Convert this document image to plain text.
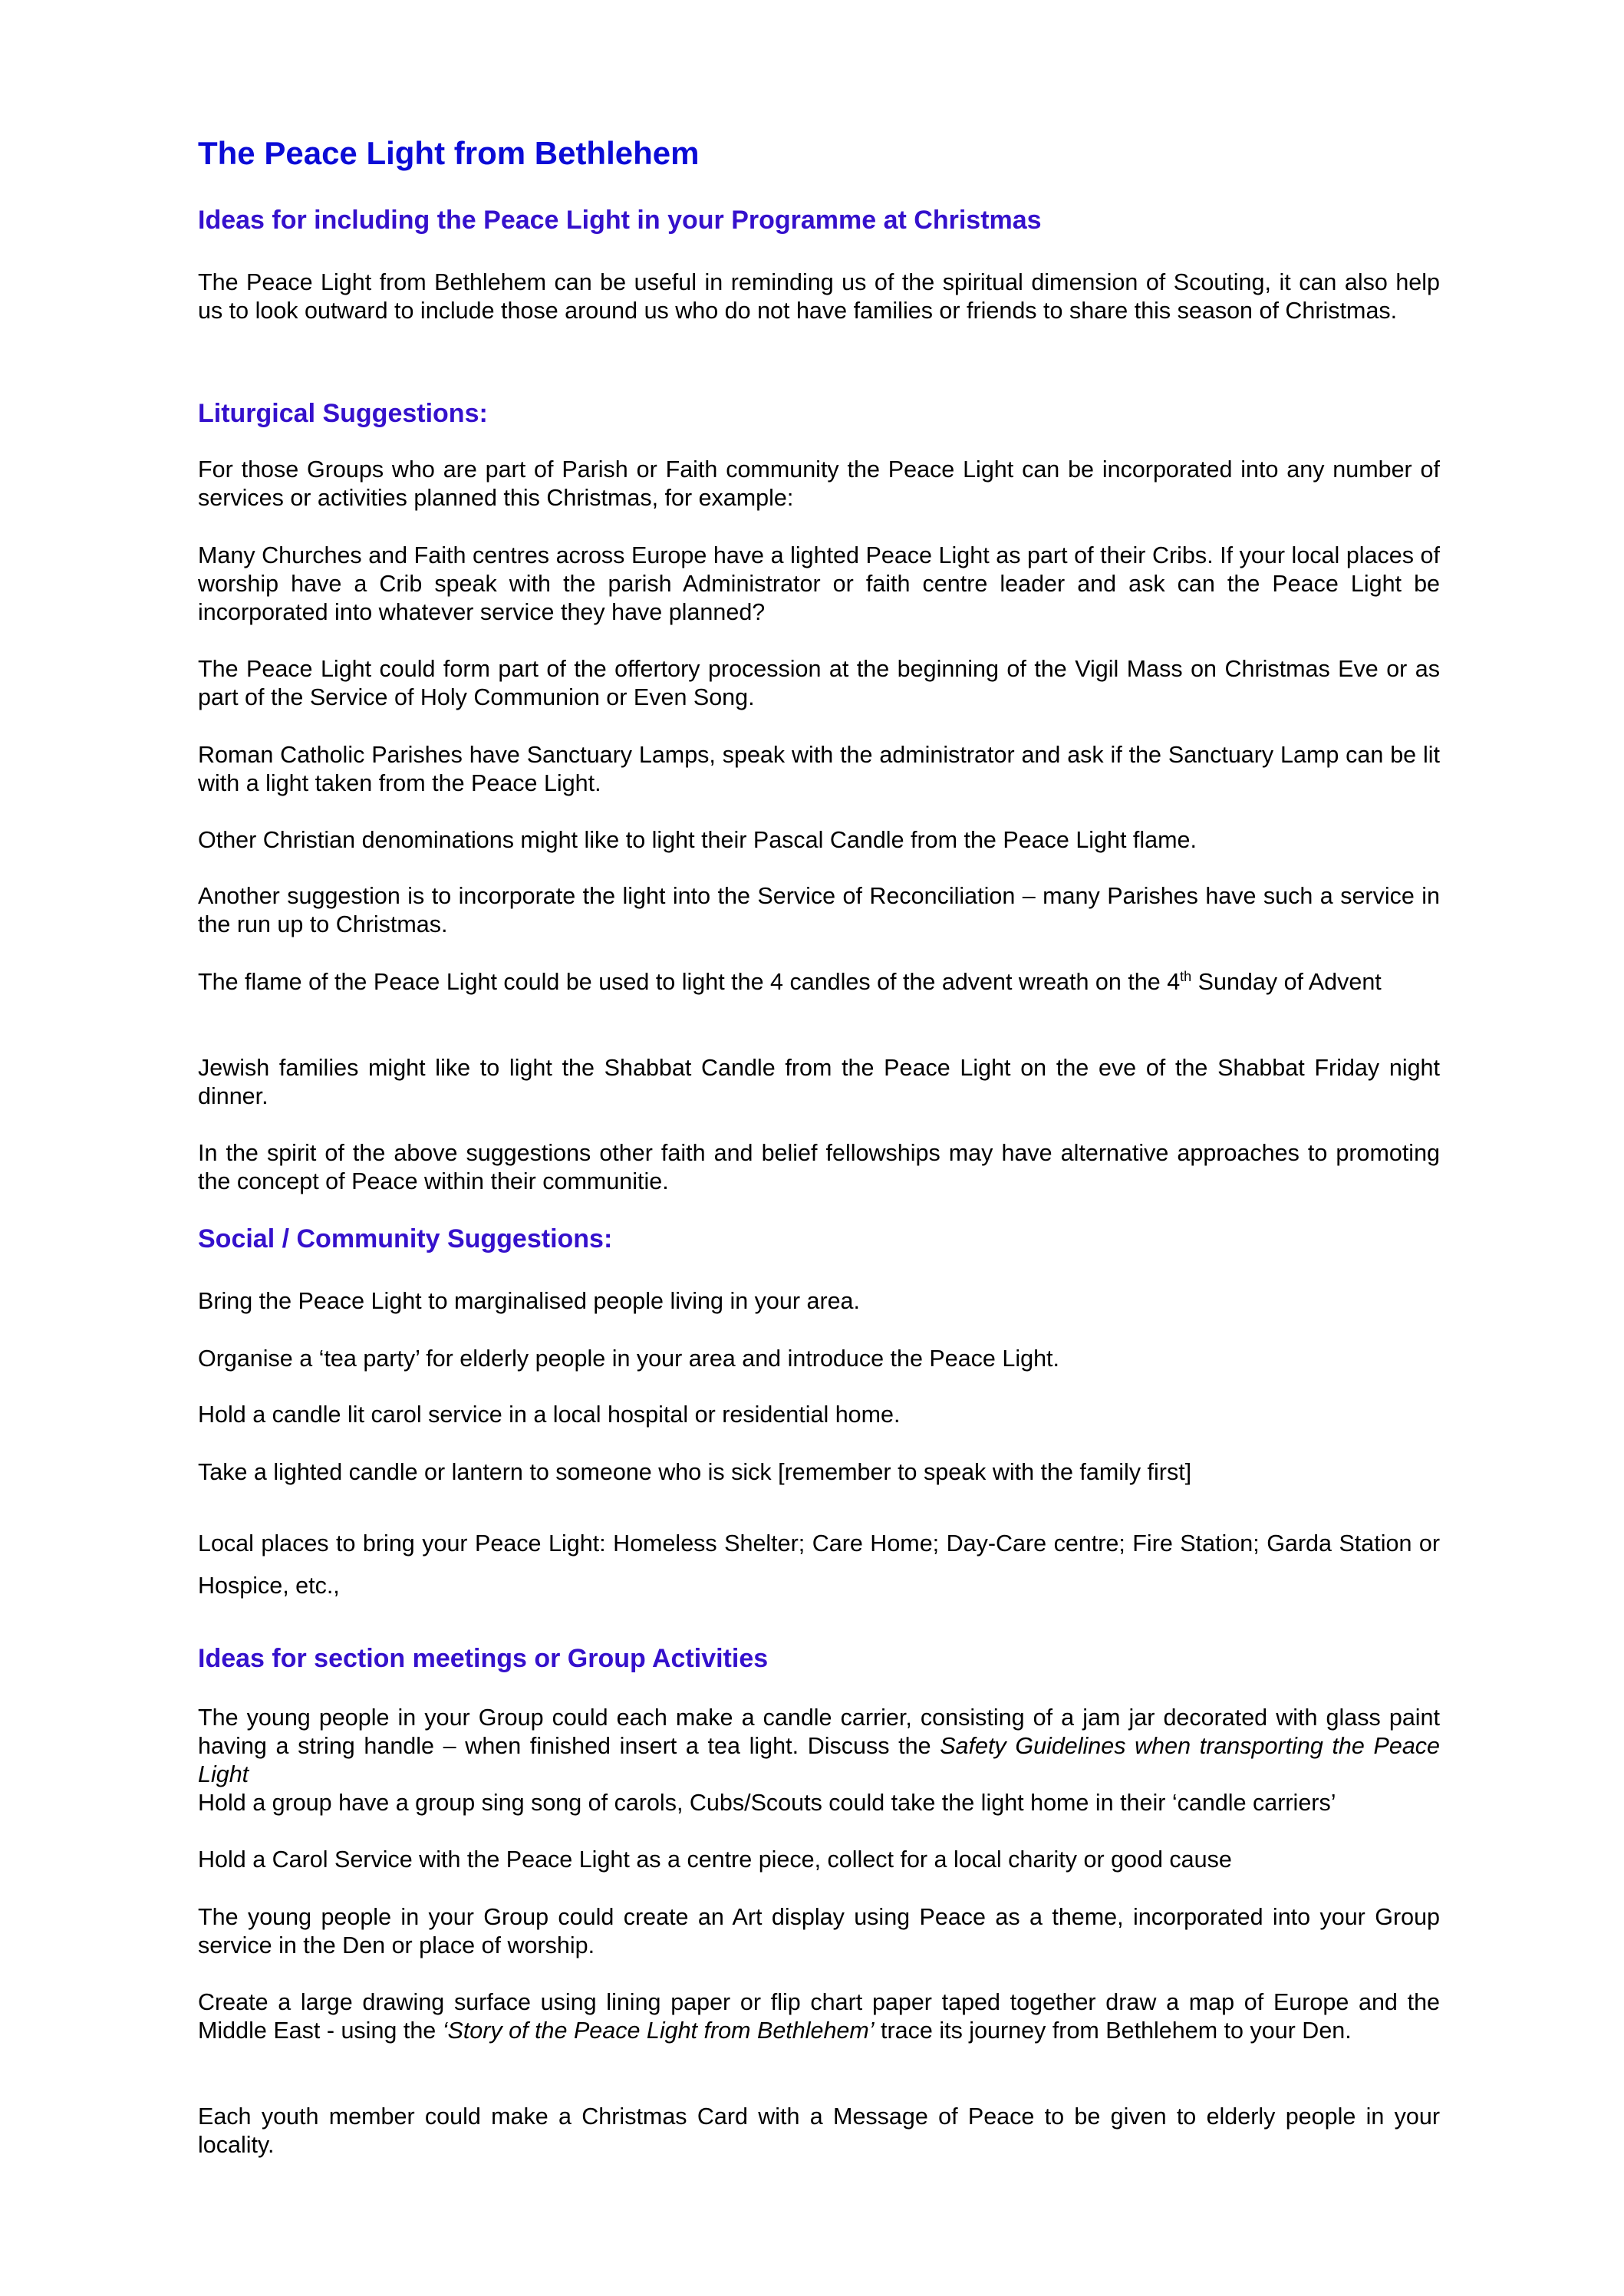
The Peace Light from Bethlehem
Ideas for including the Peace Light in your Programme at Christmas
The Peace Light from Bethlehem can be useful in reminding us of the spiritual dimension of Scouting, it can also help us to look outward to include those around us who do not have families or friends to share this season of Christmas.
Liturgical Suggestions:
For those Groups who are part of Parish or Faith community the Peace Light can be incorporated into any number of services or activities planned this Christmas, for example:
Many Churches and Faith centres across Europe have a lighted Peace Light as part of their Cribs. If your local places of worship have a Crib speak with the parish Administrator or faith centre leader and ask can the Peace Light be incorporated into whatever service they have planned?
The Peace Light could form part of the offertory procession at the beginning of the Vigil Mass on Christmas Eve or as part of the Service of Holy Communion or Even Song.
Roman Catholic Parishes have Sanctuary Lamps, speak with the administrator and ask if the Sanctuary Lamp can be lit with a light taken from the Peace Light.
Other Christian denominations might like to light their Pascal Candle from the Peace Light flame.
Another suggestion is to incorporate the light into the Service of Reconciliation – many Parishes have such a service in the run up to Christmas.
The flame of the Peace Light could be used to light the 4 candles of the advent wreath on the 4th Sunday of Advent
Jewish families might like to light the Shabbat Candle from the Peace Light on the eve of the Shabbat Friday night dinner.
In the spirit of the above suggestions other faith and belief fellowships may have alternative approaches to promoting the concept of Peace within their communitie.
Social / Community Suggestions:
Bring the Peace Light to marginalised people living in your area.
Organise a ‘tea party’ for elderly people in your area and introduce the Peace Light.
Hold a candle lit carol service in a local hospital or residential home.
Take a lighted candle or lantern to someone who is sick [remember to speak with the family first]
Local places to bring your Peace Light: Homeless Shelter; Care Home; Day-Care centre; Fire Station; Garda Station or Hospice, etc.,
Ideas for section meetings or Group Activities
The young people in your Group could each make a candle carrier, consisting of a jam jar decorated with glass paint having a string handle – when finished insert a tea light. Discuss the Safety Guidelines when transporting the Peace Light
Hold a group have a group sing song of carols, Cubs/Scouts could take the light home in their ‘candle carriers’
Hold a Carol Service with the Peace Light as a centre piece, collect for a local charity or good cause
The young people in your Group could create an Art display using Peace as a theme, incorporated into your Group service in the Den or place of worship.
Create a large drawing surface using lining paper or flip chart paper taped together draw a map of Europe and the Middle East - using the ‘Story of the Peace Light from Bethlehem’ trace its journey from Bethlehem to your Den.
Each youth member could make a Christmas Card with a Message of Peace to be given to elderly people in your locality.
